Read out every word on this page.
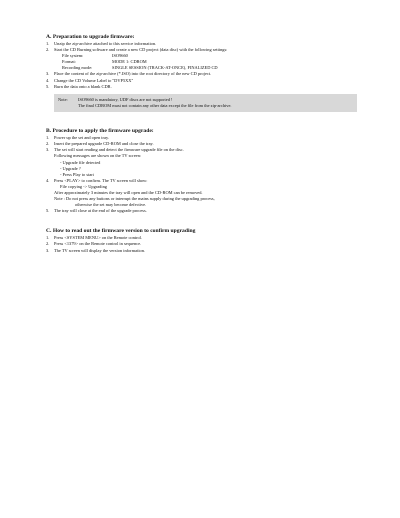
A. Preparation to upgrade firmware:
1. Unzip the zip-archive attached to this service information.
2. Start the CD Burning software and create a new CD project (data disc) with the following settings:
File system:	ISO9660
Format:	MODE 1: CDROM
Recording mode:	SINGLE SESSION (TRACK-AT-ONCE), FINALIZED CD
3. Place the content of the zip-archive (*.ISO) into the root directory of the new CD project.
4. Change the CD Volume Label to "DVP5XX"
5. Burn the data onto a blank CDR.
Note: ISO9660 is mandatory, UDF discs are not supported !
The final CDROM must not contain any other data except the file from the zip-archive.
B. Procedure to apply the firmware upgrade:
1. Power up the set and open tray.
2. Insert the prepared upgrade CD-ROM and close the tray.
3. The set will start reading and detect the firmware upgrade file on the disc.
Following messages are shown on the TV screen:
- Upgrade file detected
- Upgrade ?
- Press Play to start
4. Press <PLAY> to confirm. The TV screen will show:
File copying -> Upgrading
After approximately 3 minutes the tray will open and the CD-ROM can be removed.
Note : Do not press any buttons or interrupt the mains supply during the upgrading process,
otherwise the set may become defective.
5. The tray will close at the end of the upgrade process.
C. How to read out the firmware version to confirm upgrading
1. Press <SYSTEM MENU> on the Remote control.
2. Press <1379> on the Remote control in sequence.
3. The TV screen will display the version information.
